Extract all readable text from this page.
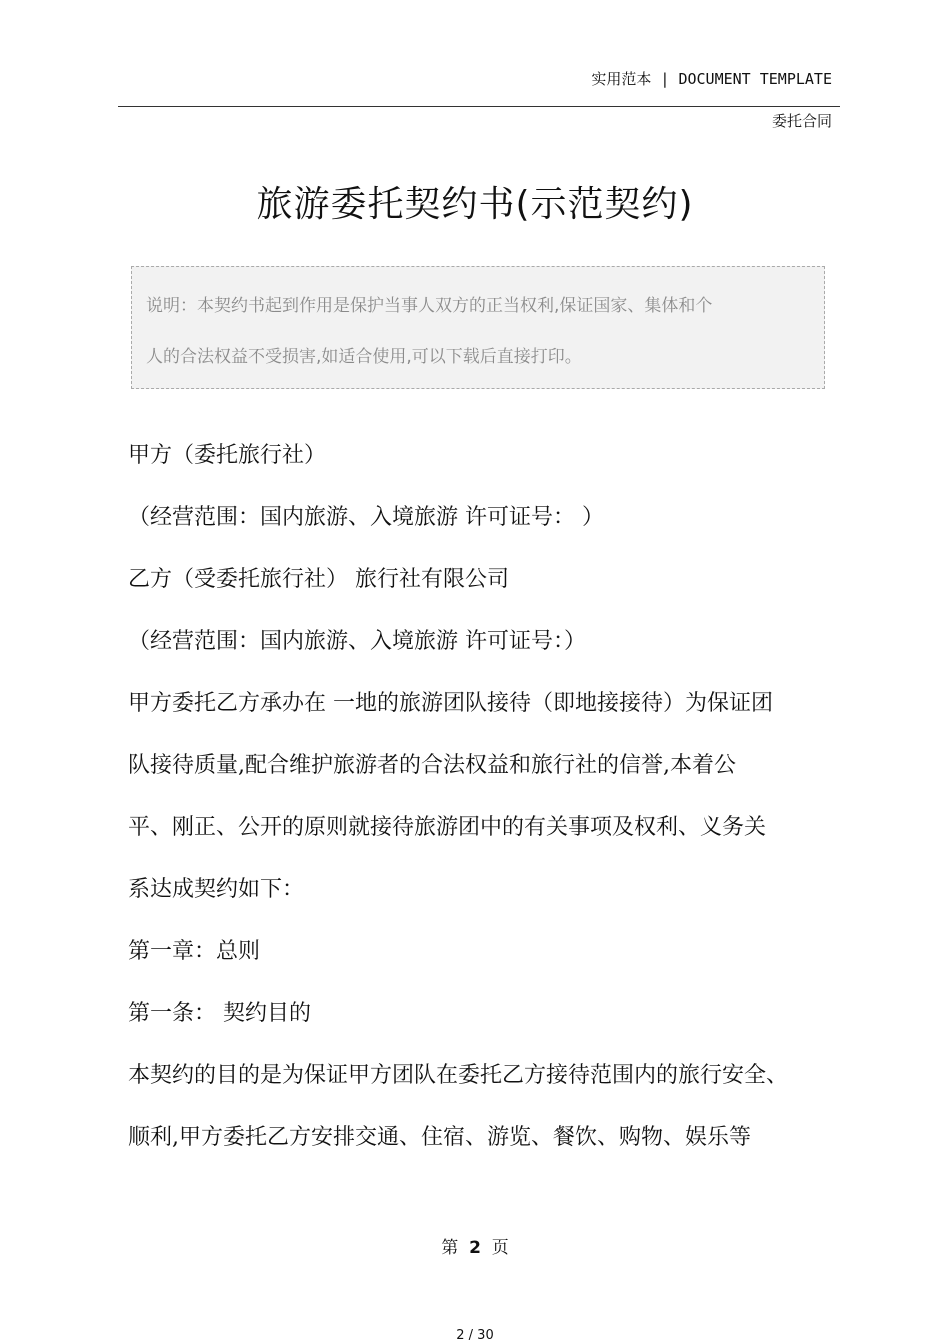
实用范本 | DOCUMENT TEMPLATE
委托合同
旅游委托契约书(示范契约)
说明：本契约书起到作用是保护当事人双方的正当权利,保证国家、集体和个
人的合法权益不受损害,如适合使用,可以下载后直接打印。

甲方（委托旅行社）

（经营范围：国内旅游、入境旅游 许可证号： ）

乙方（受委托旅行社） 旅行社有限公司

（经营范围：国内旅游、入境旅游 许可证号：）

甲方委托乙方承办在 一地的旅游团队接待（即地接接待）为保证团

队接待质量,配合维护旅游者的合法权益和旅行社的信誉,本着公

平、刚正、公开的原则就接待旅游团中的有关事项及权利、义务关

系达成契约如下：

第一章：总则

第一条： 契约目的

本契约的目的是为保证甲方团队在委托乙方接待范围内的旅行安全、

顺利,甲方委托乙方安排交通、住宿、游览、餐饮、购物、娱乐等

第 2 页
2 / 30
